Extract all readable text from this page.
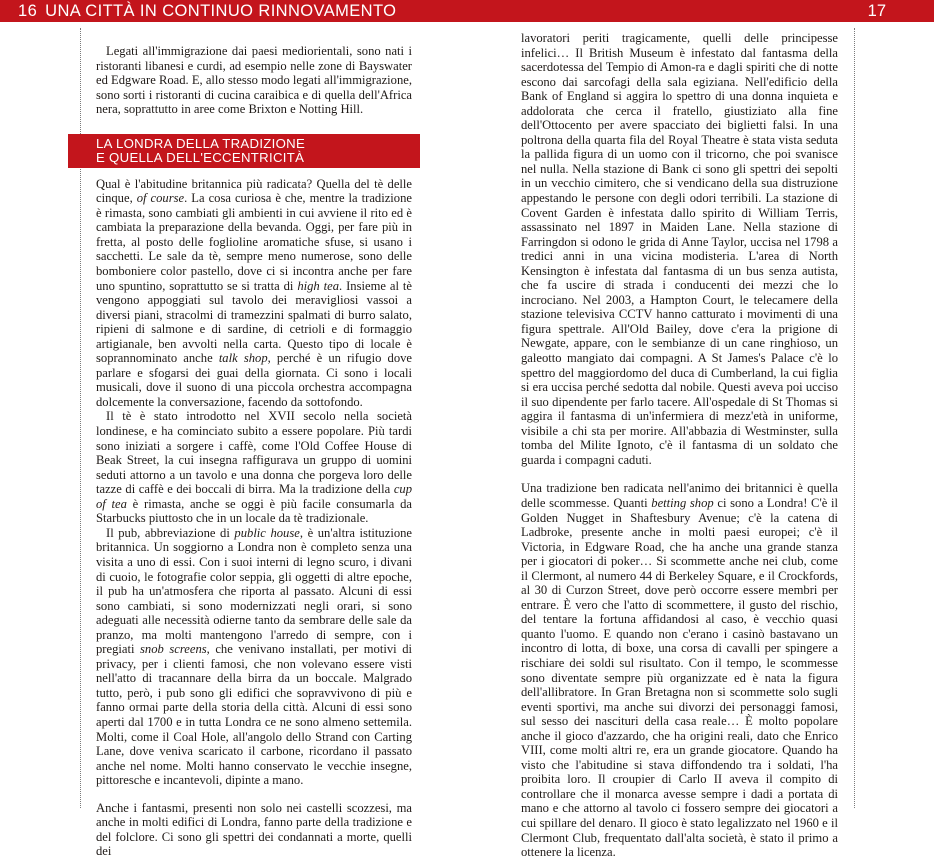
16 UNA CITTÀ IN CONTINUO RINNOVAMENTO	17

Legati all'immigrazione dai paesi mediorientali, sono nati i ristoranti libanesi e curdi, ad esempio nelle zone di Bayswater ed Edgware Road. E, allo stesso modo legati all'immigrazione, sono sorti i ristoranti di cucina caraibica e di quella dell'Africa nera, soprattutto in aree come Brixton e Notting Hill.

LA LONDRA DELLA TRADIZIONE
E QUELLA DELL'ECCENTRICITÀ

Qual è l'abitudine britannica più radicata? Quella del tè delle cinque, of course. La cosa curiosa è che, mentre la tradizione è rimasta, sono cambiati gli ambienti in cui avviene il rito ed è cambiata la preparazione della bevanda. Oggi, per fare più in fretta, al posto delle foglioline aromatiche sfuse, si usano i sacchetti. Le sale da tè, sempre meno numerose, sono delle bomboniere color pastello, dove ci si incontra anche per fare uno spuntino, soprattutto se si tratta di high tea. Insieme al tè vengono appoggiati sul tavolo dei meravigliosi vassoi a diversi piani, stracolmi di tramezzini spalmati di burro salato, ripieni di salmone e di sardine, di cetrioli e di formaggio artigianale, ben avvolti nella carta. Questo tipo di locale è soprannominato anche talk shop, perché è un rifugio dove parlare e sfogarsi dei guai della giornata. Ci sono i locali musicali, dove il suono di una piccola orchestra accompagna dolcemente la conversazione, facendo da sottofondo.

Il tè è stato introdotto nel XVII secolo nella società londinese, e ha cominciato subito a essere popolare. Più tardi sono iniziati a sorgere i caffè, come l'Old Coffee House di Beak Street, la cui insegna raffigurava un gruppo di uomini seduti attorno a un tavolo e una donna che porgeva loro delle tazze di caffè e dei boccali di birra. Ma la tradizione della cup of tea è rimasta, anche se oggi è più facile consumarla da Starbucks piuttosto che in un locale da tè tradizionale.

Il pub, abbreviazione di public house, è un'altra istituzione britannica. Un soggiorno a Londra non è completo senza una visita a uno di essi. Con i suoi interni di legno scuro, i divani di cuoio, le fotografie color seppia, gli oggetti di altre epoche, il pub ha un'atmosfera che riporta al passato. Alcuni di essi sono cambiati, si sono modernizzati negli orari, si sono adeguati alle necessità odierne tanto da sembrare delle sale da pranzo, ma molti mantengono l'arredo di sempre, con i pregiati snob screens, che venivano installati, per motivi di privacy, per i clienti famosi, che non volevano essere visti nell'atto di tracannare della birra da un boccale. Malgrado tutto, però, i pub sono gli edifici che sopravvivono di più e fanno ormai parte della storia della città. Alcuni di essi sono aperti dal 1700 e in tutta Londra ce ne sono almeno settemila. Molti, come il Coal Hole, all'angolo dello Strand con Carting Lane, dove veniva scaricato il carbone, ricordano il passato anche nel nome. Molti hanno conservato le vecchie insegne, pittoresche e incantevoli, dipinte a mano.

Anche i fantasmi, presenti non solo nei castelli scozzesi, ma anche in molti edifici di Londra, fanno parte della tradizione e del folclore. Ci sono gli spettri dei condannati a morte, quelli dei

lavoratori periti tragicamente, quelli delle principesse infelici… Il British Museum è infestato dal fantasma della sacerdotessa del Tempio di Amon-ra e dagli spiriti che di notte escono dai sarcofagi della sala egiziana. Nell'edificio della Bank of England si aggira lo spettro di una donna inquieta e addolorata che cerca il fratello, giustiziato alla fine dell'Ottocento per avere spacciato dei biglietti falsi. In una poltrona della quarta fila del Royal Theatre è stata vista seduta la pallida figura di un uomo con il tricorno, che poi svanisce nel nulla. Nella stazione di Bank ci sono gli spettri dei sepolti in un vecchio cimitero, che si vendicano della sua distruzione appestando le persone con degli odori terribili. La stazione di Covent Garden è infestata dallo spirito di William Terris, assassinato nel 1897 in Maiden Lane. Nella stazione di Farringdon si odono le grida di Anne Taylor, uccisa nel 1798 a tredici anni in una vicina modisteria. L'area di North Kensington è infestata dal fantasma di un bus senza autista, che fa uscire di strada i conducenti dei mezzi che lo incrociano. Nel 2003, a Hampton Court, le telecamere della stazione televisiva CCTV hanno catturato i movimenti di una figura spettrale. All'Old Bailey, dove c'era la prigione di Newgate, appare, con le sembianze di un cane ringhioso, un galeotto mangiato dai compagni. A St James's Palace c'è lo spettro del maggiordomo del duca di Cumberland, la cui figlia si era uccisa perché sedotta dal nobile. Questi aveva poi ucciso il suo dipendente per farlo tacere. All'ospedale di St Thomas si aggira il fantasma di un'infermiera di mezz'età in uniforme, visibile a chi sta per morire. All'abbazia di Westminster, sulla tomba del Milite Ignoto, c'è il fantasma di un soldato che guarda i compagni caduti.

Una tradizione ben radicata nell'animo dei britannici è quella delle scommesse. Quanti betting shop ci sono a Londra! C'è il Golden Nugget in Shaftesbury Avenue; c'è la catena di Ladbroke, presente anche in molti paesi europei; c'è il Victoria, in Edgware Road, che ha anche una grande stanza per i giocatori di poker… Si scommette anche nei club, come il Clermont, al numero 44 di Berkeley Square, e il Crockfords, al 30 di Curzon Street, dove però occorre essere membri per entrare. È vero che l'atto di scommettere, il gusto del rischio, del tentare la fortuna affidandosi al caso, è vecchio quasi quanto l'uomo. E quando non c'erano i casinò bastavano un incontro di lotta, di boxe, una corsa di cavalli per spingere a rischiare dei soldi sul risultato. Con il tempo, le scommesse sono diventate sempre più organizzate ed è nata la figura dell'allibratore. In Gran Bretagna non si scommette solo sugli eventi sportivi, ma anche sui divorzi dei personaggi famosi, sul sesso dei nascituri della casa reale… È molto popolare anche il gioco d'azzardo, che ha origini reali, dato che Enrico VIII, come molti altri re, era un grande giocatore. Quando ha visto che l'abitudine si stava diffondendo tra i soldati, l'ha proibita loro. Il croupier di Carlo II aveva il compito di controllare che il monarca avesse sempre i dadi a portata di mano e che attorno al tavolo ci fossero sempre dei giocatori a cui spillare del denaro. Il gioco è stato legalizzato nel 1960 e il Clermont Club, frequentato dall'alta società, è stato il primo a ottenere la licenza.
